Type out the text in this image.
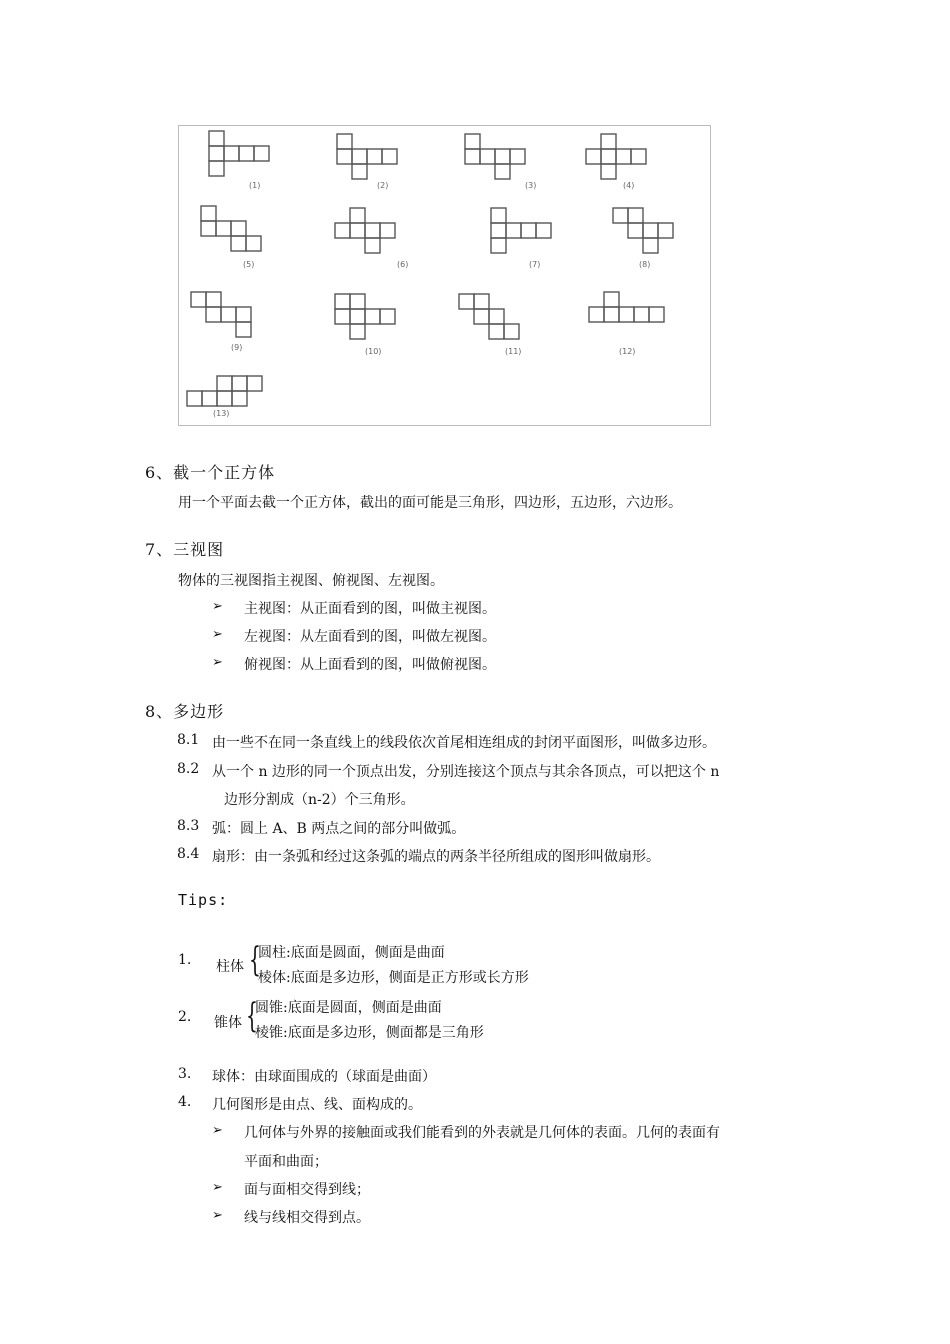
(1)	(2)	(3)	(4)
(5)	(6)	(7)	(8)
(9)	(10)	(11)	(12)
(13)
6、截一个正方体
用一个平面去截一个正方体，截出的面可能是三角形，四边形，五边形，六边形。
7、三视图
物体的三视图指主视图、俯视图、左视图。
➢ 主视图：从正面看到的图，叫做主视图。
➢ 左视图：从左面看到的图，叫做左视图。
➢ 俯视图：从上面看到的图，叫做俯视图。
8、多边形
8.1 由一些不在同一条直线上的线段依次首尾相连组成的封闭平面图形，叫做多边形。
8.2 从一个 n 边形的同一个顶点出发，分别连接这个顶点与其余各顶点，可以把这个 n
边形分割成（n-2）个三角形。
8.3 弧：圆上 A、B 两点之间的部分叫做弧。
8.4 扇形：由一条弧和经过这条弧的端点的两条半径所组成的图形叫做扇形。
Tips:
1. 柱体 {
圆柱:底面是圆面，侧面是曲面
棱体:底面是多边形，侧面是正方形或长方形
2. 锥体 {
圆锥:底面是圆面，侧面是曲面
棱锥:底面是多边形，侧面都是三角形
3. 球体：由球面围成的（球面是曲面）
4. 几何图形是由点、线、面构成的。
➢ 几何体与外界的接触面或我们能看到的外表就是几何体的表面。几何的表面有
平面和曲面；
➢ 面与面相交得到线；
➢ 线与线相交得到点。
